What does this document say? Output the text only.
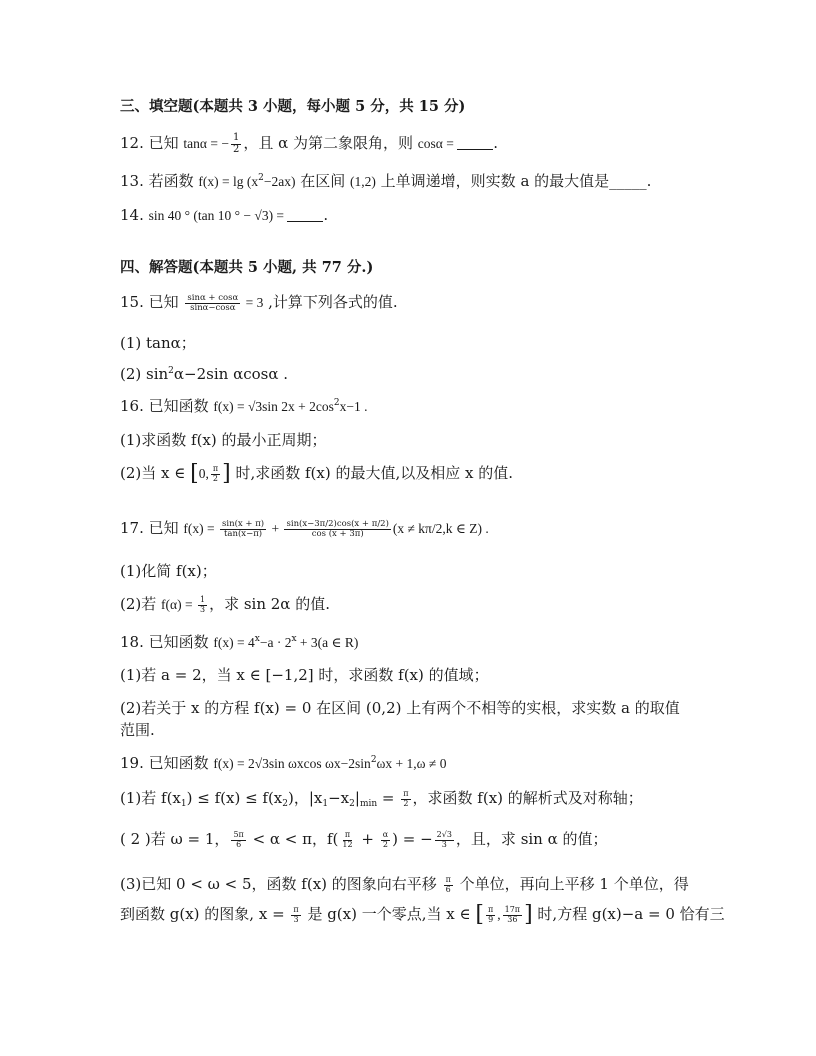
三、填空题(本题共 3 小题，每小题 5 分，共 15 分)
12. 已知 tanα = − $\frac{1}{2}$ ，且 α 为第二象限角，则 cosα = .
13. 若函数 $f(x) = \lg (x^2-2ax)$ 在区间 (1,2) 上单调递增，则实数 a 的最大值是_____.
14. sin 40 ° (tan 10 ° − √3) = .
四、解答题(本题共 5 小题, 共 77 分.)
15. 已知 $\frac{\sin\alpha + \cos\alpha}{\sin\alpha-\cos\alpha} = 3$ ,计算下列各式的值.
(1) tanα；
(2) $\sin^2\alpha-2\sin$ αcosα .
16. 已知函数 f(x) = √3sin $2x + 2\cos^2x-1$ .
(1)求函数 f(x) 的最小正周期；
(2)当 x ∈ [0, $\frac{\pi}{2}$ ] 时,求函数 f(x) 的最大值,以及相应 x 的值.
17. 已知 $f(x) = \frac{\sin(x + \pi)}{\tan(x-\pi)} + \frac{\sin(x-3\pi/2)\cos(x + \pi/2)}{\cos (x + 3\pi)} (x \ne k\pi/2,k$ ∈ Z) .
(1)化简 f(x)；
(2)若 $f(\alpha) = \frac{1}{3}$ ，求 sin 2α 的值.
18. 已知函数 $f(x) = 4^x-a \cdot 2^x + 3(a$ ∈ R)
(1)若 a = 2，当 x ∈ [−1,2] 时，求函数 f(x) 的值域；
(2)若关于 x 的方程 f(x) = 0 在区间 (0,2) 上有两个不相等的实根，求实数 a 的取值范围.
19. 已知函数 f(x) = 2√3sin ωxcos $\omega x-2\sin^2\omega x + 1,\omega \ne 0$
(1)若 $f(x_1) \le f(x) \le f(x_2)$，$|x_1-x_2|_{min} = \frac{\pi}{2}$ ，求函数 f(x) 的解析式及对称轴；
( 2 )若 ω = 1， $\frac{5\pi}{6} < \alpha < \pi$，$f( \frac{\pi}{12} + \frac{\alpha}{2}$ ) = − $\frac{2√3}{3}$ ，且，求 sin α 的值；
(3)已知 0 < ω < 5，函数 f(x) 的图象向右平移 $\frac{\pi}{6}$ 个单位，再向上平移 1 个单位，得
到函数 g(x) 的图象, $x = \frac{\pi}{3}$ 是 g(x) 一个零点,当 x ∈ [ $\frac{\pi}{9}$ , $\frac{17\pi}{36}$ ] 时,方程 g(x)−a = 0 恰有三
